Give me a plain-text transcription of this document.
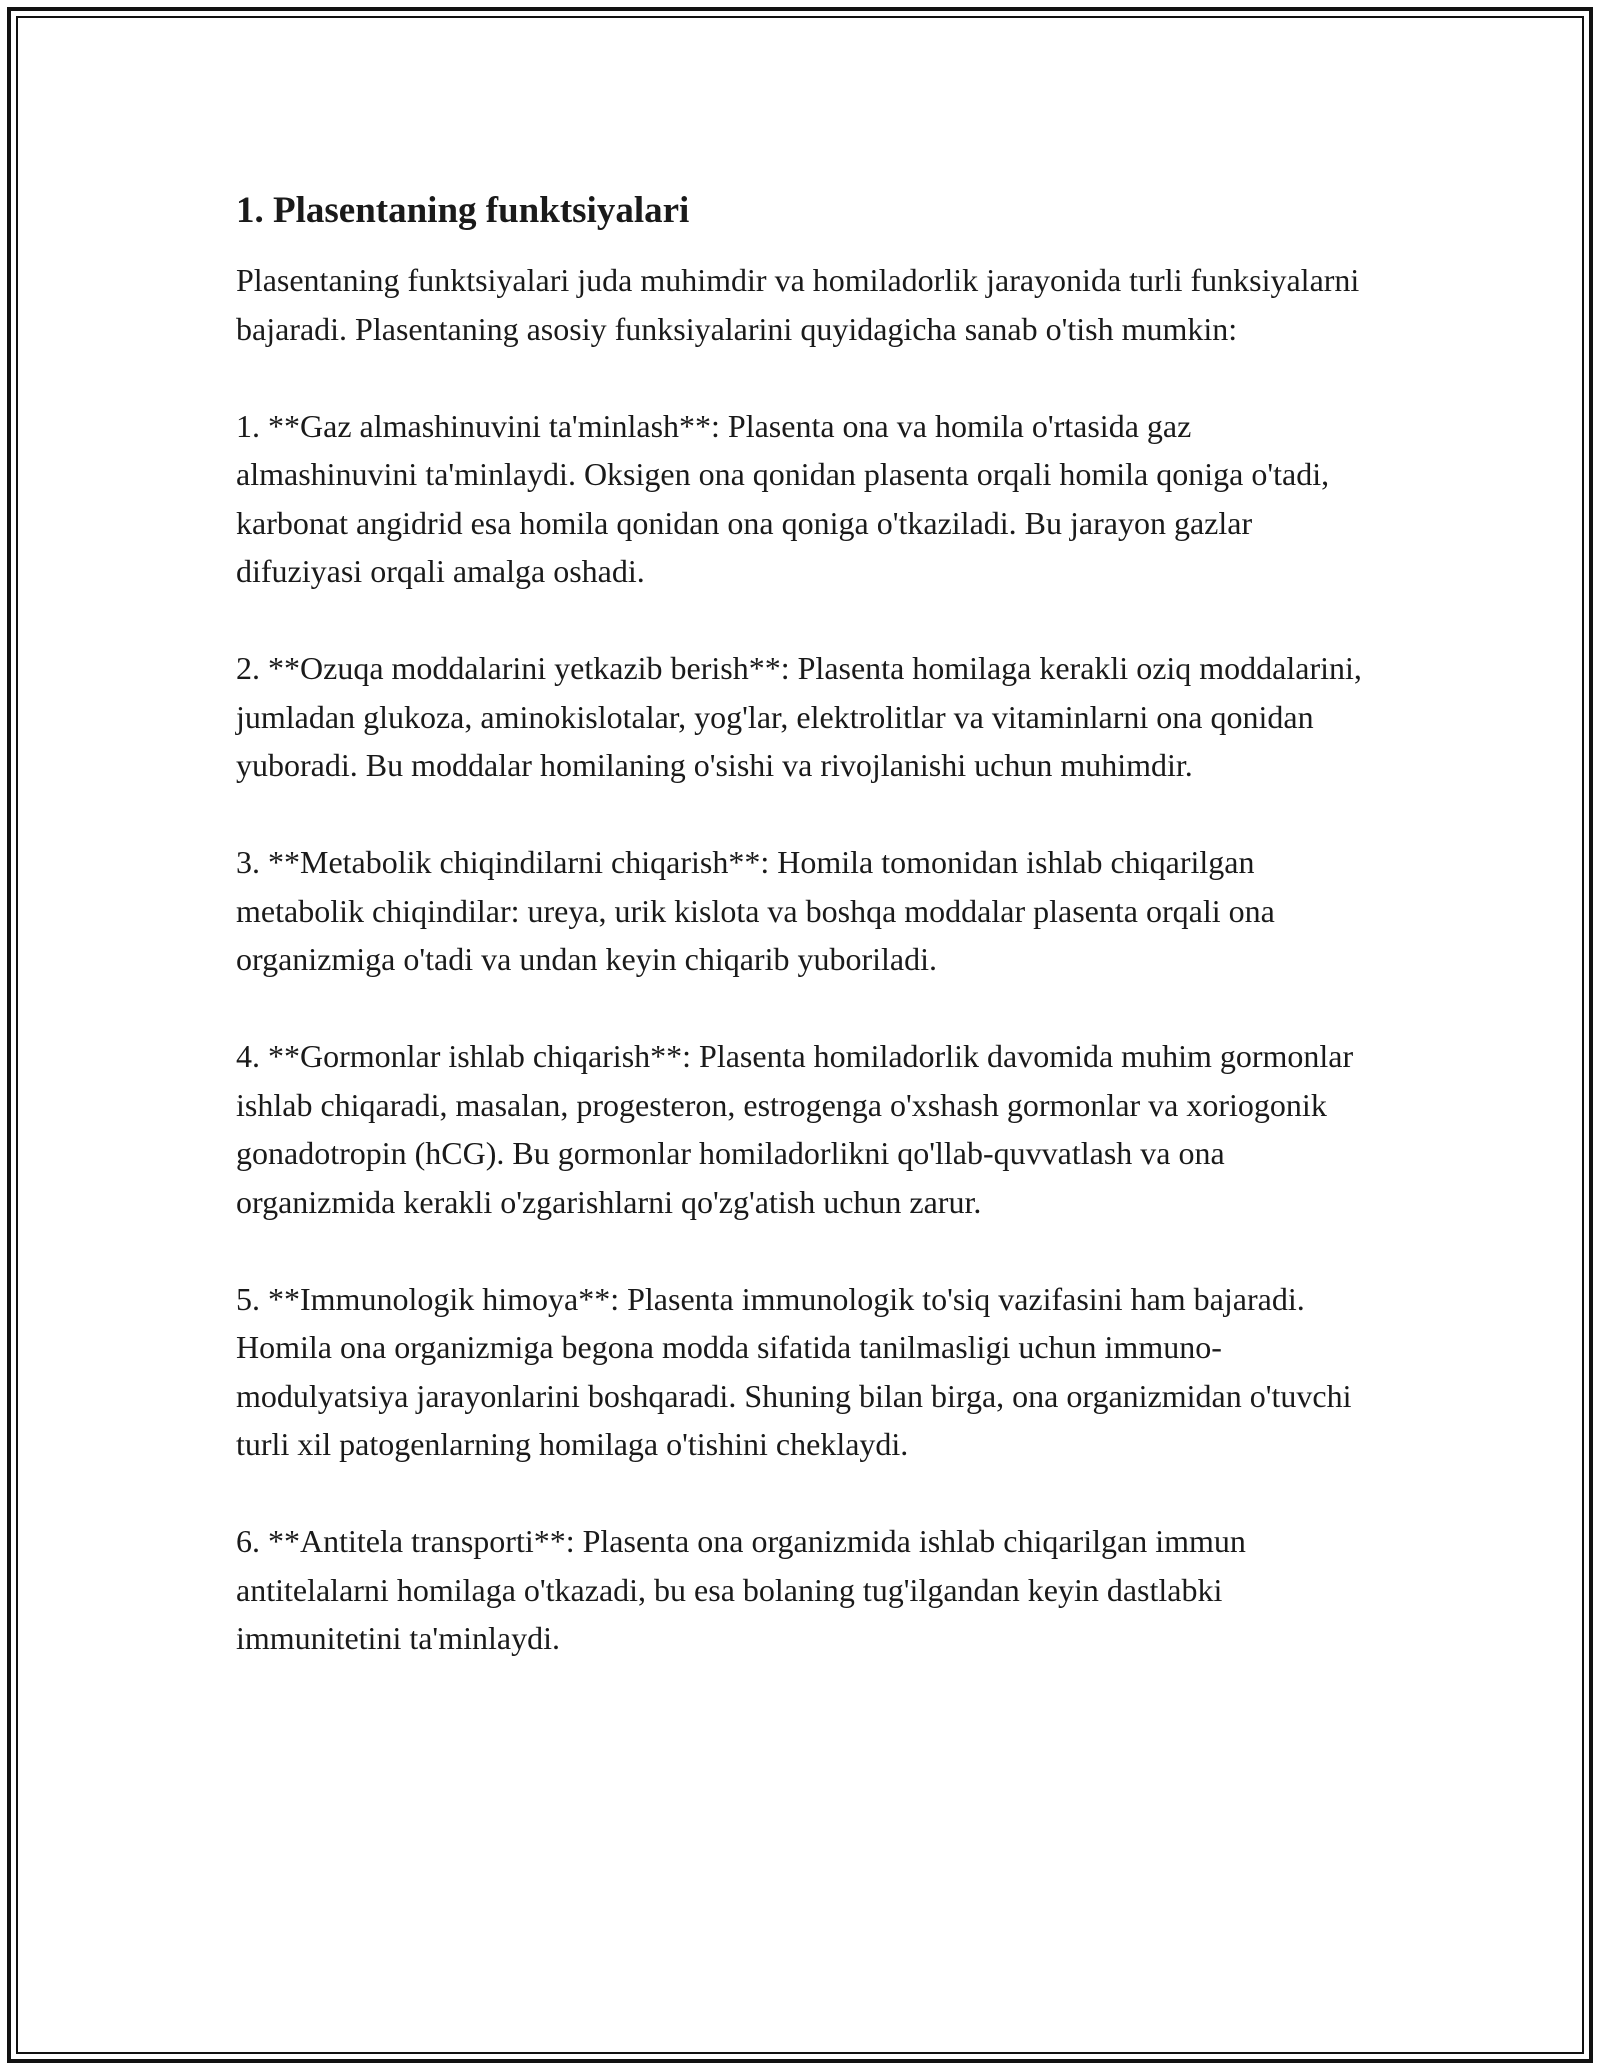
1. Plasentaning funktsiyalari

Plasentaning funktsiyalari juda muhimdir va homiladorlik jarayonida turli funksiyalarni bajaradi. Plasentaning asosiy funksiyalarini quyidagicha sanab o'tish mumkin:

1. **Gaz almashinuvini ta'minlash**: Plasenta ona va homila o'rtasida gaz almashinuvini ta'minlaydi. Oksigen ona qonidan plasenta orqali homila qoniga o'tadi, karbonat angidrid esa homila qonidan ona qoniga o'tkaziladi. Bu jarayon gazlar difuziyasi orqali amalga oshadi.

2. **Ozuqa moddalarini yetkazib berish**: Plasenta homilaga kerakli oziq moddalarini, jumladan glukoza, aminokislotalar, yog'lar, elektrolitlar va vitaminlarni ona qonidan yuboradi. Bu moddalar homilaning o'sishi va rivojlanishi uchun muhimdir.

3. **Metabolik chiqindilarni chiqarish**: Homila tomonidan ishlab chiqarilgan metabolik chiqindilar: ureya, urik kislota va boshqa moddalar plasenta orqali ona organizmiga o'tadi va undan keyin chiqarib yuboriladi.

4. **Gormonlar ishlab chiqarish**: Plasenta homiladorlik davomida muhim gormonlar ishlab chiqaradi, masalan, progesteron, estrogenga o'xshash gormonlar va xoriogonik gonadotropin (hCG). Bu gormonlar homiladorlikni qo'llab-quvvatlash va ona organizmida kerakli o'zgarishlarni qo'zg'atish uchun zarur.

5. **Immunologik himoya**: Plasenta immunologik to'siq vazifasini ham bajaradi. Homila ona organizmiga begona modda sifatida tanilmasligi uchun immuno-modulyatsiya jarayonlarini boshqaradi. Shuning bilan birga, ona organizmidan o'tuvchi turli xil patogenlarning homilaga o'tishini cheklaydi.

6. **Antitela transporti**: Plasenta ona organizmida ishlab chiqarilgan immun antitelalarni homilaga o'tkazadi, bu esa bolaning tug'ilgandan keyin dastlabki immunitetini ta'minlaydi.
